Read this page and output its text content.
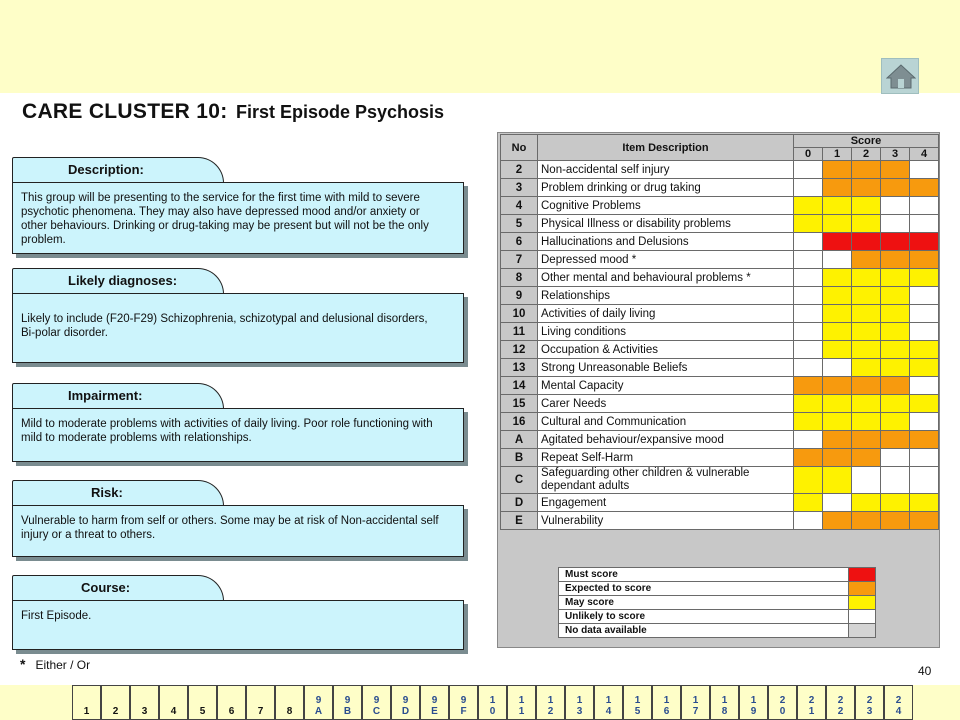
CARE CLUSTER 10: First Episode Psychosis
Description:

This group will be presenting to the service for the first time with mild to severe psychotic phenomena. They may also have depressed mood and/or anxiety or other behaviours. Drinking or drug-taking may be present but will not be the only problem.

Likely diagnoses:

Likely to include (F20-F29) Schizophrenia, schizotypal and delusional disorders, Bi-polar disorder.

Impairment:

Mild to moderate problems with activities of daily living. Poor role functioning with mild to moderate problems with relationships.

Risk:

Vulnerable to harm from self or others. Some may be at risk of Non-accidental self injury or a threat to others.

Course:

First Episode.

* Either / Or	40
No	Item Description	Score				
		0	1	2	3	4
2	Non-accidental self injury					
3	Problem drinking or drug taking					
4	Cognitive Problems					
5	Physical Illness or disability problems					
6	Hallucinations and Delusions					
7	Depressed mood *					
8	Other mental and behavioural problems *					
9	Relationships					
10	Activities of daily living					
11	Living conditions					
12	Occupation & Activities					
13	Strong Unreasonable Beliefs					
14	Mental Capacity					
15	Carer Needs					
16	Cultural and Communication					
A	Agitated behaviour/expansive mood					
B	Repeat Self-Harm					
C	Safeguarding other children & vulnerable dependant adults					
D	Engagement					
E	Vulnerability					
Must score	
Expected to score	
May score	
Unlikely to score	
No data available	
1	2	3	4	5	6	7	8
9
A
9
B
9
C
9
D
9
E
9
F
1
0
1
1
1
2
1
3
1
4
1
5
1
6
1
7
1
8
1
9
2
0
2
1
2
2
2
3
2
4
